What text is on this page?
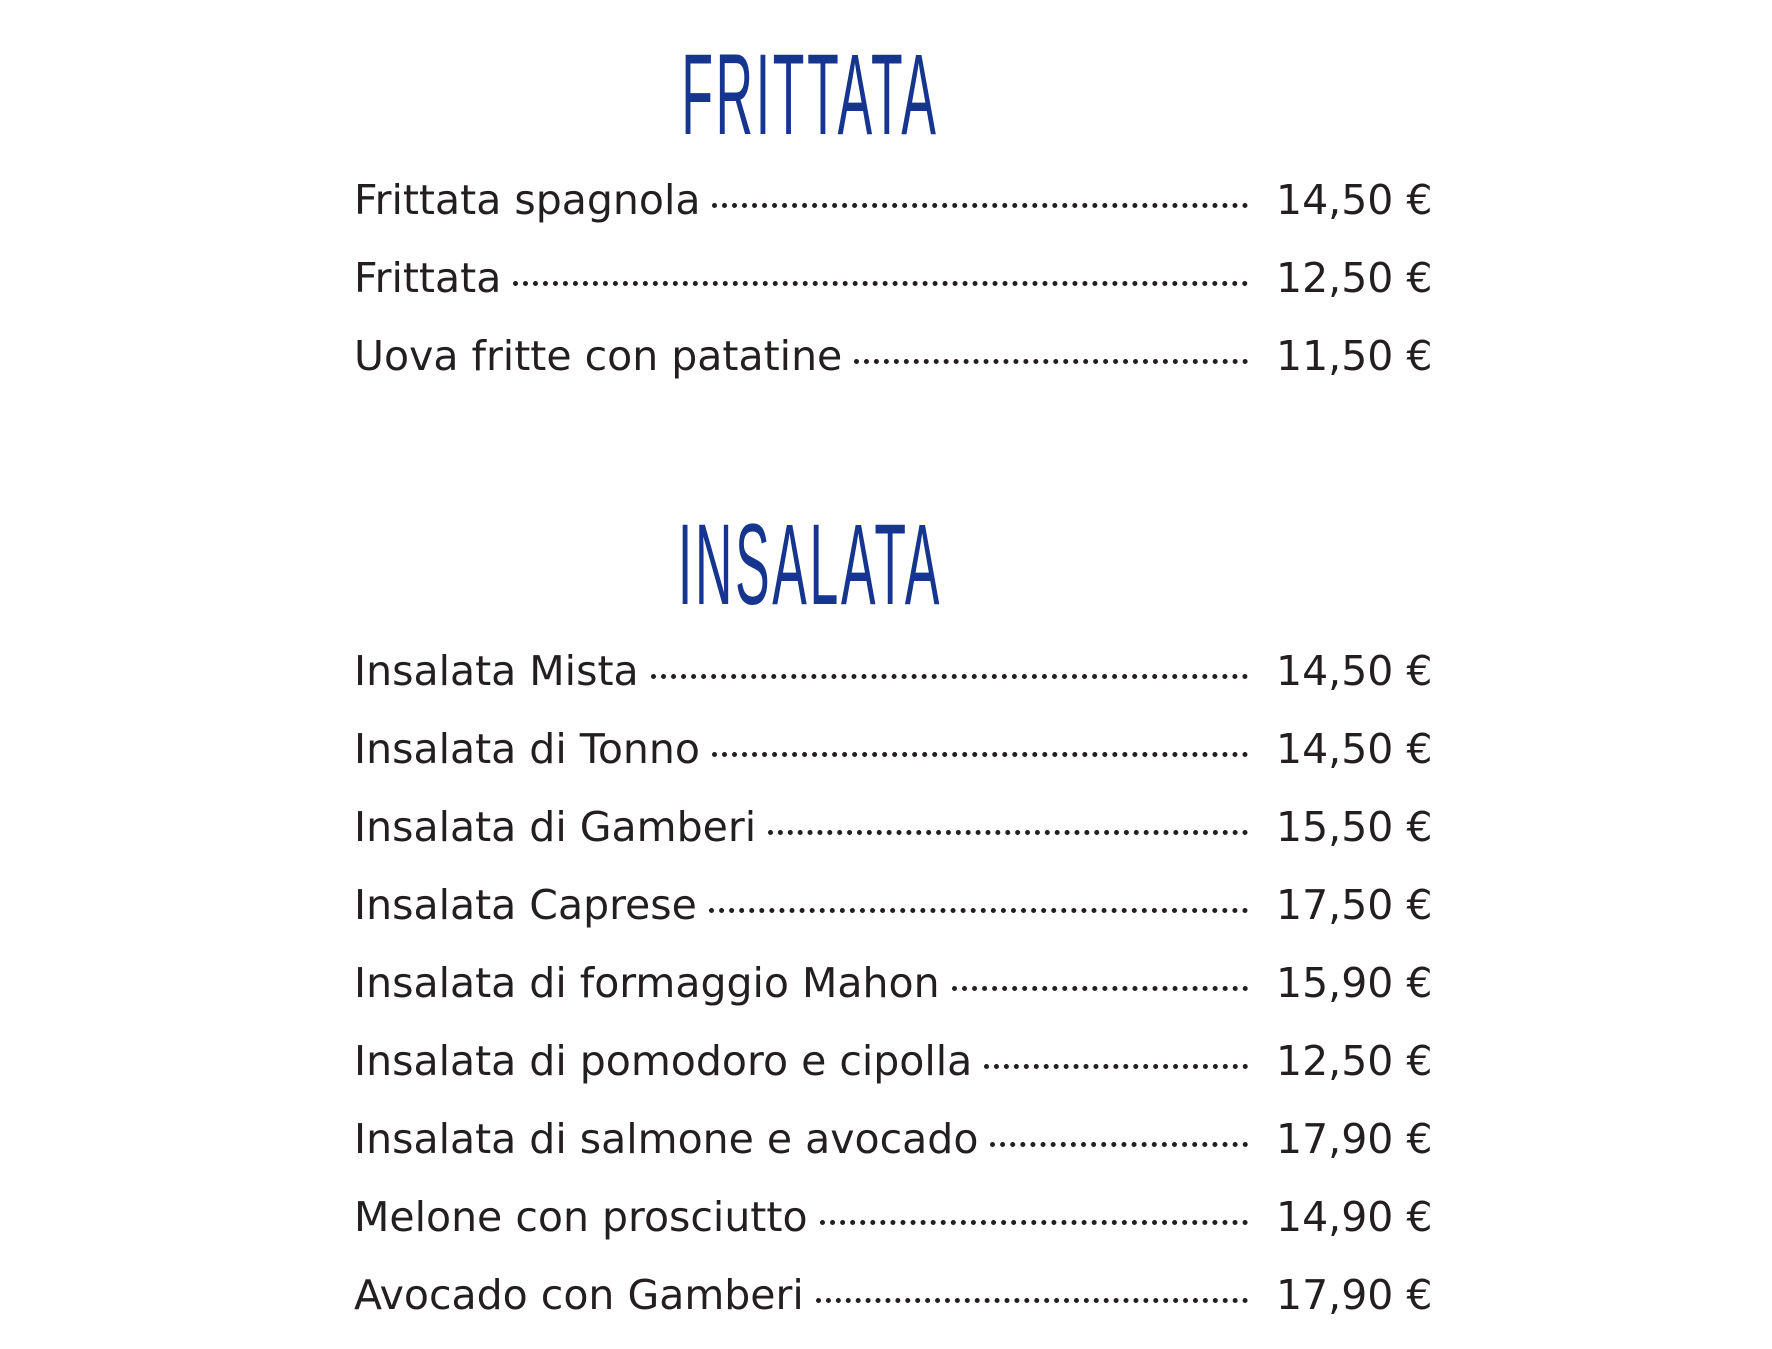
FRITTATA
Frittata spagnola	14,50 €
Frittata	12,50 €
Uova fritte con patatine	11,50 €
INSALATA
Insalata Mista	14,50 €
Insalata di Tonno	14,50 €
Insalata di Gamberi	15,50 €
Insalata Caprese	17,50 €
Insalata di formaggio Mahon	15,90 €
Insalata di pomodoro e cipolla	12,50 €
Insalata di salmone e avocado	17,90 €
Melone con prosciutto	14,90 €
Avocado con Gamberi	17,90 €
